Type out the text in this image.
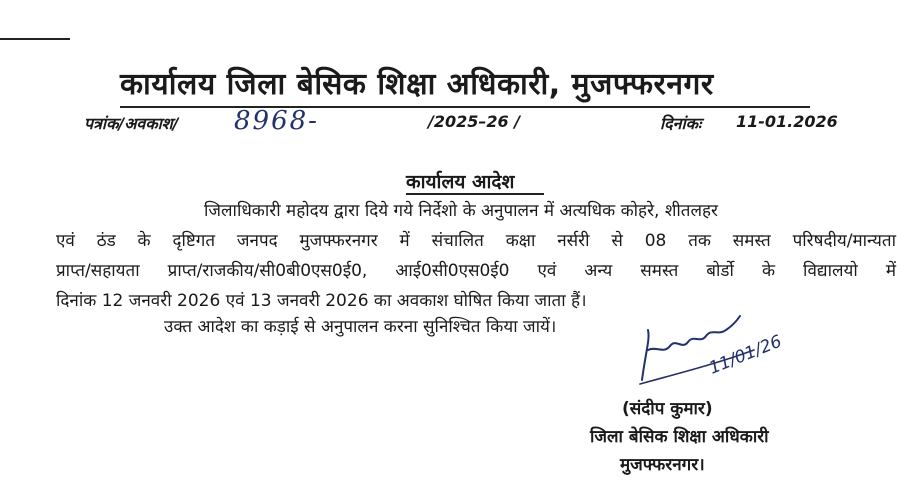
कार्यालय जिला बेसिक शिक्षा अधिकारी, मुजफ्फरनगर
पत्रांक/अवकाश/ 8968-	/2025–26 /	दिनांकः 11-01.2026
कार्यालय आदेश
जिलाधिकारी महोदय द्वारा दिये गये निर्देशो के अनुपालन में अत्यधिक कोहरे, शीतलहर
एवं ठंड के दृष्टिगत जनपद मुजफ्फरनगर में संचालित कक्षा नर्सरी से 08 तक समस्त परिषदीय/मान्यता
प्राप्त/सहायता प्राप्त/राजकीय/सी0बी0एस0ई0, आई0सी0एस0ई0 एवं अन्य समस्त बोर्डो के विद्यालयो में
दिनांक 12 जनवरी 2026 एवं 13 जनवरी 2026 का अवकाश घोषित किया जाता हैं।
उक्त आदेश का कड़ाई से अनुपालन करना सुनिश्चित किया जायें।
11/01/26
(संदीप कुमार)
जिला बेसिक शिक्षा अधिकारी
मुजफ्फरनगर।
